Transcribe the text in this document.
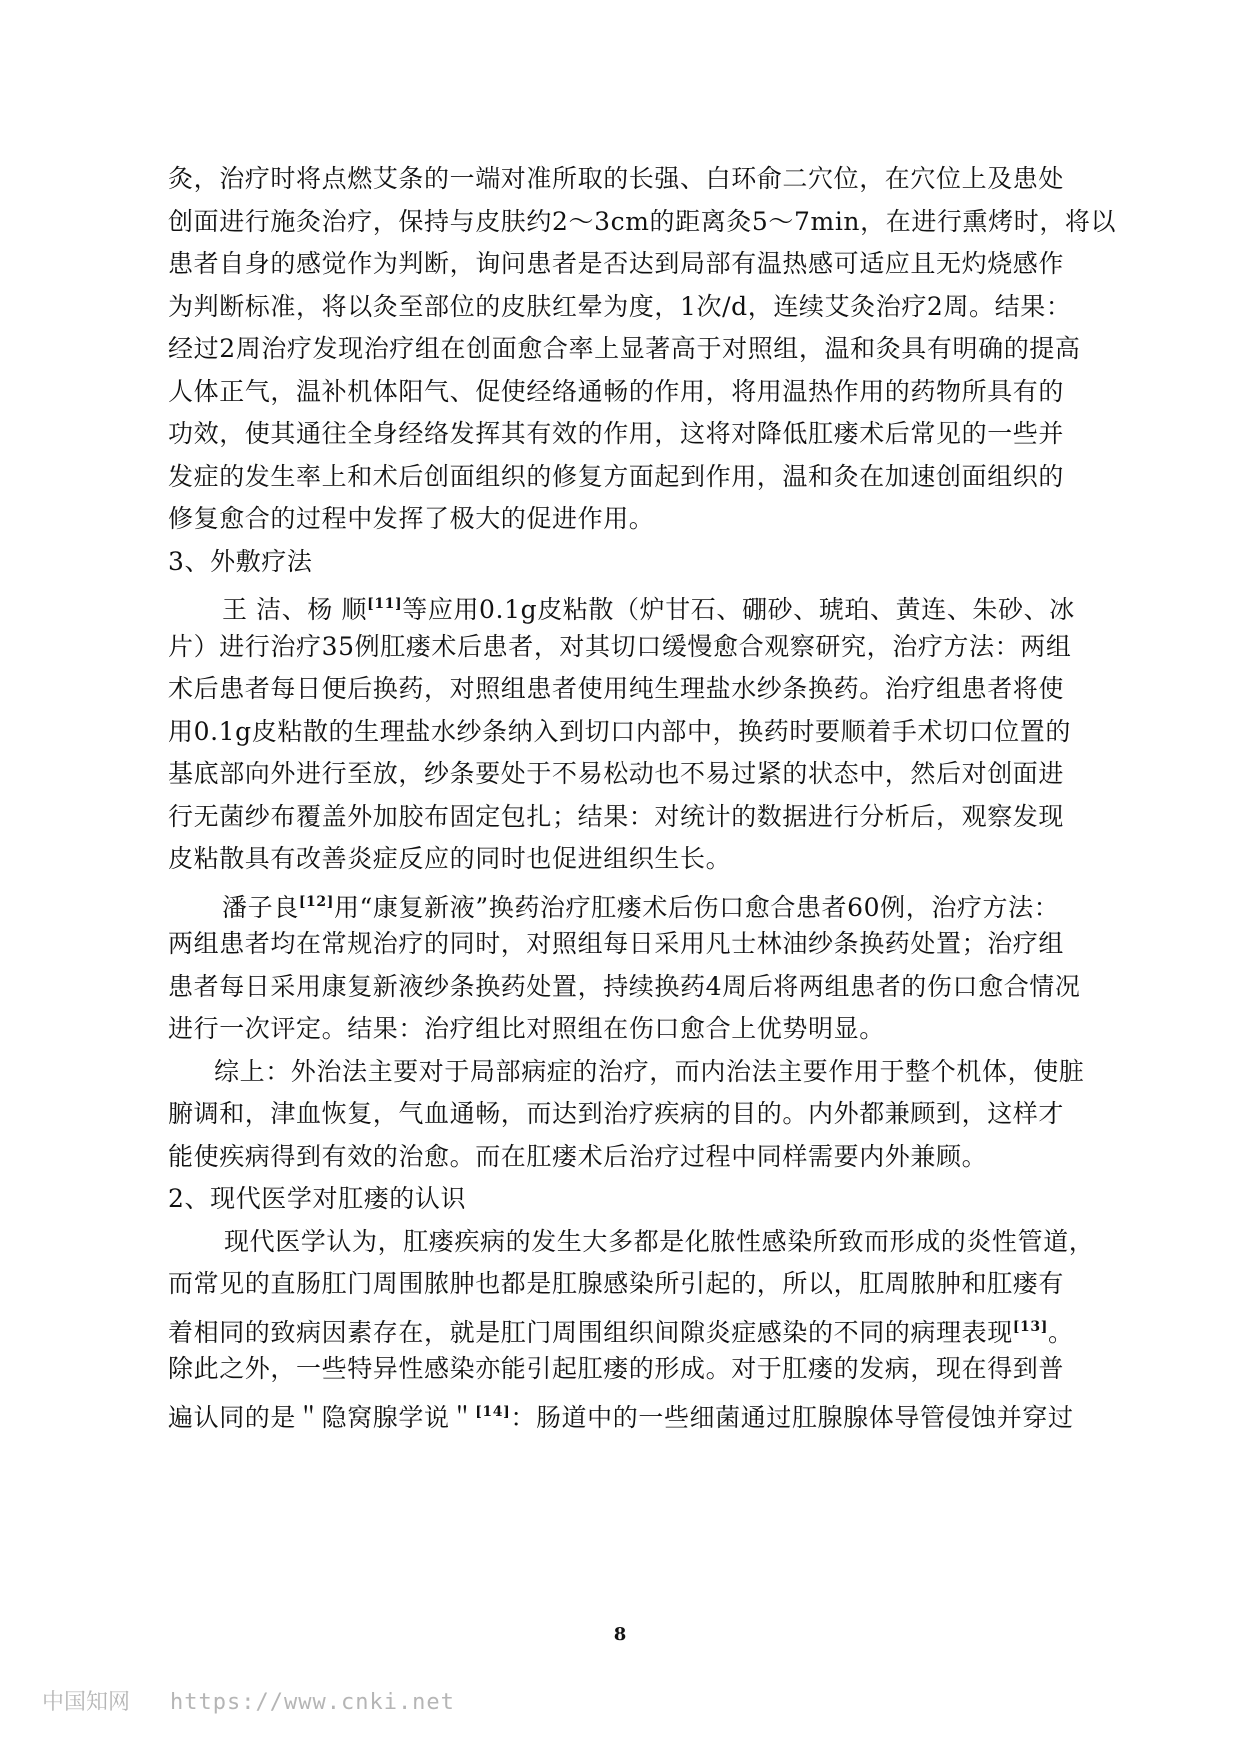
灸，治疗时将点燃艾条的一端对准所取的长强、白环俞二穴位，在穴位上及患处
创面进行施灸治疗，保持与皮肤约2～3cm的距离灸5～7min，在进行熏烤时，将以
患者自身的感觉作为判断，询问患者是否达到局部有温热感可适应且无灼烧感作
为判断标准，将以灸至部位的皮肤红晕为度，1次/d，连续艾灸治疗2周。结果：
经过2周治疗发现治疗组在创面愈合率上显著高于对照组，温和灸具有明确的提高
人体正气，温补机体阳气、促使经络通畅的作用，将用温热作用的药物所具有的
功效，使其通往全身经络发挥其有效的作用，这将对降低肛瘘术后常见的一些并
发症的发生率上和术后创面组织的修复方面起到作用，温和灸在加速创面组织的
修复愈合的过程中发挥了极大的促进作用。
3、外敷疗法
王 洁、杨 顺[11]等应用0.1g皮粘散（炉甘石、硼砂、琥珀、黄连、朱砂、冰
片）进行治疗35例肛瘘术后患者，对其切口缓慢愈合观察研究，治疗方法：两组
术后患者每日便后换药，对照组患者使用纯生理盐水纱条换药。治疗组患者将使
用0.1g皮粘散的生理盐水纱条纳入到切口内部中，换药时要顺着手术切口位置的
基底部向外进行至放，纱条要处于不易松动也不易过紧的状态中，然后对创面进
行无菌纱布覆盖外加胶布固定包扎；结果：对统计的数据进行分析后，观察发现
皮粘散具有改善炎症反应的同时也促进组织生长。
潘子良[12]用“康复新液”换药治疗肛瘘术后伤口愈合患者60例，治疗方法：
两组患者均在常规治疗的同时，对照组每日采用凡士林油纱条换药处置；治疗组
患者每日采用康复新液纱条换药处置，持续换药4周后将两组患者的伤口愈合情况
进行一次评定。结果：治疗组比对照组在伤口愈合上优势明显。
综上：外治法主要对于局部病症的治疗，而内治法主要作用于整个机体，使脏
腑调和，津血恢复，气血通畅，而达到治疗疾病的目的。内外都兼顾到，这样才
能使疾病得到有效的治愈。而在肛瘘术后治疗过程中同样需要内外兼顾。
2、现代医学对肛瘘的认识
现代医学认为，肛瘘疾病的发生大多都是化脓性感染所致而形成的炎性管道，
而常见的直肠肛门周围脓肿也都是肛腺感染所引起的，所以，肛周脓肿和肛瘘有
着相同的致病因素存在，就是肛门周围组织间隙炎症感染的不同的病理表现[13]。
除此之外，一些特异性感染亦能引起肛瘘的形成。对于肛瘘的发病，现在得到普
遍认同的是＂隐窝腺学说＂[14]：肠道中的一些细菌通过肛腺腺体导管侵蚀并穿过
8
中国知网 https://www.cnki.net
